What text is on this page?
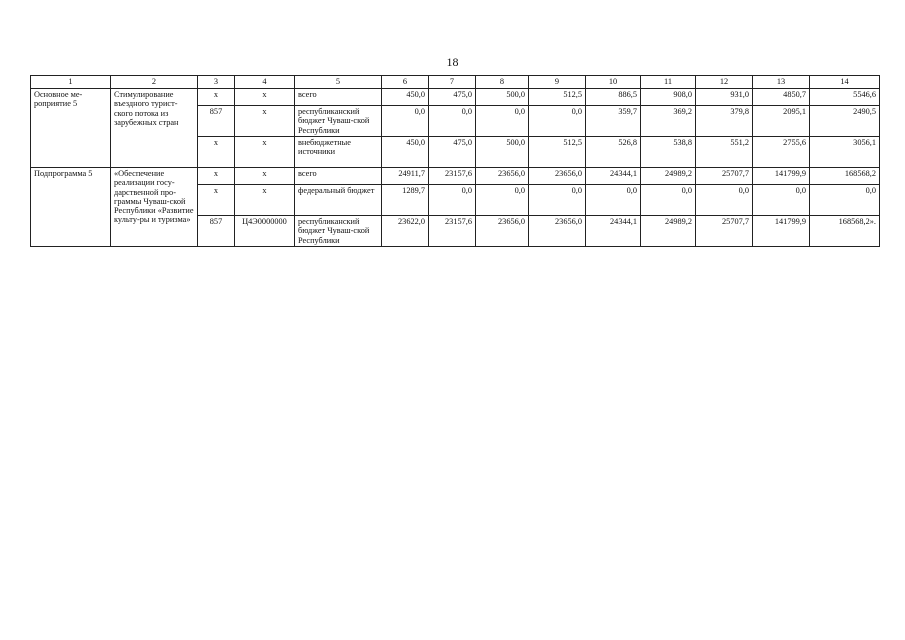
18
1	2	3	4	5	6	7	8	9	10	11	12	13	14
Основное ме-роприятие 5	Стимулирование въездного турист-ского потока из зарубежных стран	x	x	всего	450,0	475,0	500,0	512,5	886,5	908,0	931,0	4850,7	5546,6
		857	x	республиканский бюджет Чуваш-ской Республики	0,0	0,0	0,0	0,0	359,7	369,2	379,8	2095,1	2490,5
		x	x	внебюджетные источники	450,0	475,0	500,0	512,5	526,8	538,8	551,2	2755,6	3056,1
Подпрограмма 5	«Обеспечение реализации госу-дарственной про-граммы Чуваш-ской Республики «Развитие культу-ры и туризма»	x	x	всего	24911,7	23157,6	23656,0	23656,0	24344,1	24989,2	25707,7	141799,9	168568,2
		x	x	федеральный бюджет	1289,7	0,0	0,0	0,0	0,0	0,0	0,0	0,0	0,0
		857	Ц4Э0000000	республиканский бюджет Чуваш-ской Республики	23622,0	23157,6	23656,0	23656,0	24344,1	24989,2	25707,7	141799,9	168568,2».
